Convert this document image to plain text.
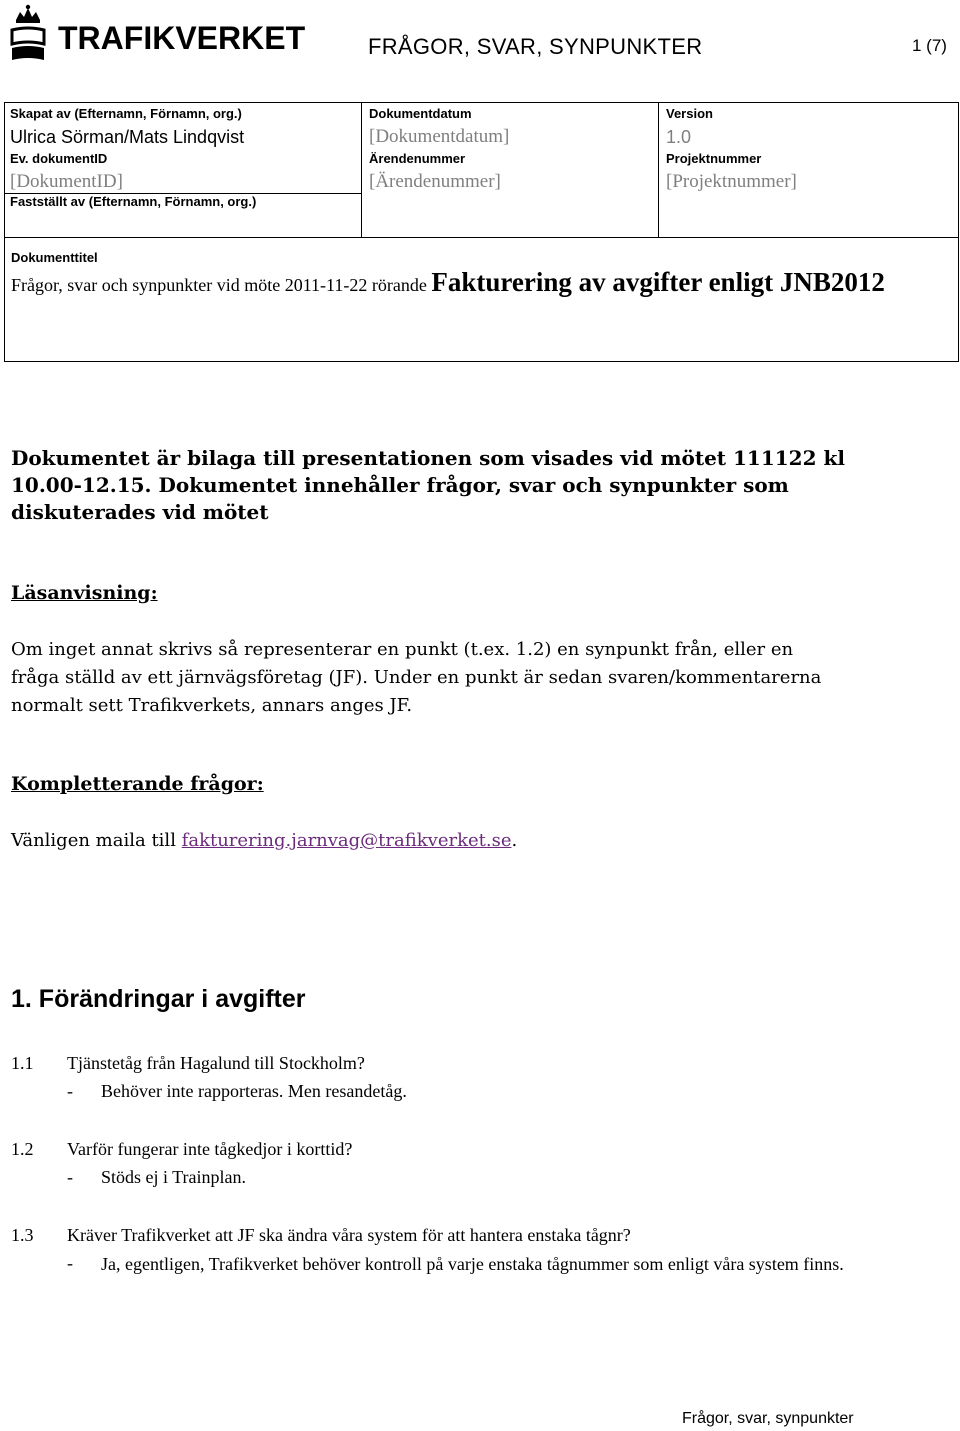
TRAFIKVERKET	FRÅGOR, SVAR, SYNPUNKTER	1 (7)
Skapat av (Efternamn, Förnamn, org.)
Ulrica Sörman/Mats Lindqvist
Dokumentdatum
[Dokumentdatum]
Version
1.0
Ev. dokumentID
[DokumentID]
Ärendenummer
[Ärendenummer]
Projektnummer
[Projektnummer]
Fastställt av (Efternamn, Förnamn, org.)
Dokumenttitel
Frågor, svar och synpunkter vid möte 2011-11-22 rörande Fakturering av avgifter enligt JNB2012
Dokumentet är bilaga till presentationen som visades vid mötet 111122 kl 10.00-12.15. Dokumentet innehåller frågor, svar och synpunkter som diskuterades vid mötet
Läsanvisning:
Om inget annat skrivs så representerar en punkt (t.ex. 1.2) en synpunkt från, eller en fråga ställd av ett järnvägsföretag (JF). Under en punkt är sedan svaren/kommentarerna normalt sett Trafikverkets, annars anges JF.
Kompletterande frågor:
Vänligen maila till fakturering.jarnvag@trafikverket.se.
1. Förändringar i avgifter
1.1 Tjänstetåg från Hagalund till Stockholm?
- Behöver inte rapporteras. Men resandetåg.
1.2 Varför fungerar inte tågkedjor i korttid?
- Stöds ej i Trainplan.
1.3 Kräver Trafikverket att JF ska ändra våra system för att hantera enstaka tågnr?
- Ja, egentligen, Trafikverket behöver kontroll på varje enstaka tågnummer som enligt våra system finns.
Frågor, svar, synpunkter
